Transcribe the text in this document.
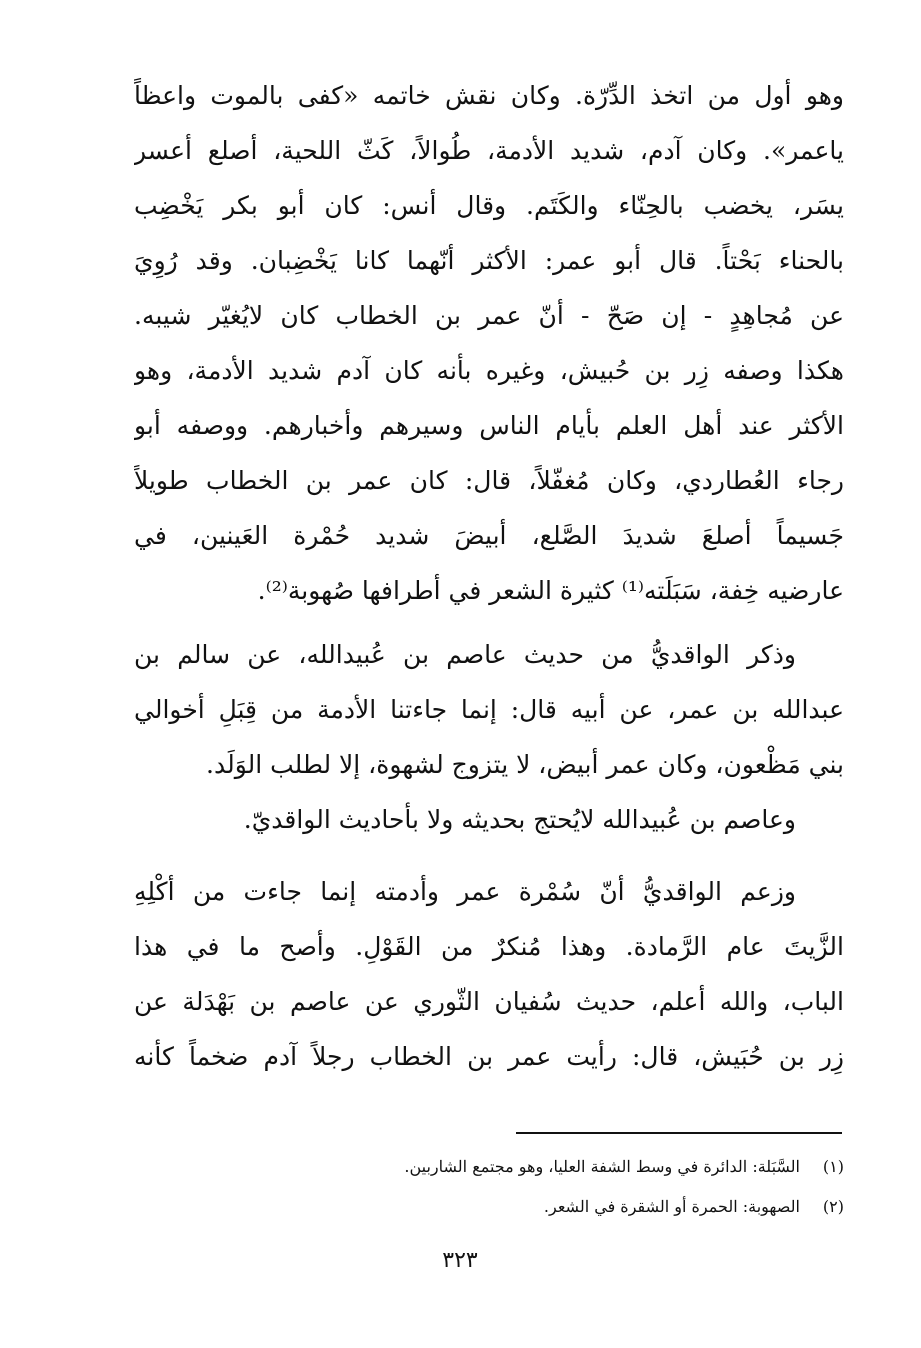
وهو أول من اتخذ الدِّرّة. وكان نقش خاتمه «كفى بالموت واعظاً
ياعمر». وكان آدم، شديد الأدمة، طُوالاً، كَثّ اللحية، أصلع أعسر
يسَر، يخضب بالحِنّاء والكَتَم. وقال أنس: كان أبو بكر يَخْضِب
بالحناء بَحْتاً. قال أبو عمر: الأكثر أنّهما كانا يَخْضِبان. وقد رُوِيَ
عن مُجاهِدٍ - إن صَحّ - أنّ عمر بن الخطاب كان لايُغيّر شيبه.
هكذا وصفه زِر بن حُبيش، وغيره بأنه كان آدم شديد الأدمة، وهو
الأكثر عند أهل العلم بأيام الناس وسيرهم وأخبارهم. ووصفه أبو
رجاء العُطاردي، وكان مُغفّلاً، قال: كان عمر بن الخطاب طويلاً
جَسيماً أصلعَ شديدَ الصَّلع، أبيضَ شديد حُمْرة العَينين، في
عارضيه خِفة، سَبَلَته⁽¹⁾ كثيرة الشعر في أطرافها صُهوبة⁽²⁾.
وذكر الواقديُّ من حديث عاصم بن عُبيدالله، عن سالم بن
عبدالله بن عمر، عن أبيه قال: إنما جاءتنا الأدمة من قِبَلِ أخوالي
بني مَظْعون، وكان عمر أبيض، لا يتزوج لشهوة، إلا لطلب الوَلَد.
وعاصم بن عُبيدالله لايُحتج بحديثه ولا بأحاديث الواقديّ.
وزعم الواقديُّ أنّ سُمْرة عمر وأدمته إنما جاءت من أكْلِهِ
الزَّيتَ عام الرَّمادة. وهذا مُنكرٌ من القَوْلِ. وأصح ما في هذا
الباب، والله أعلم، حديث سُفيان الثّوري عن عاصم بن بَهْدَلة عن
زِر بن حُبَيش، قال: رأيت عمر بن الخطاب رجلاً آدم ضخماً كأنه
(١)السَّبَلة: الدائرة في وسط الشفة العليا، وهو مجتمع الشاربين.
(٢)الصهوبة: الحمرة أو الشقرة في الشعر.
٣٢٣
